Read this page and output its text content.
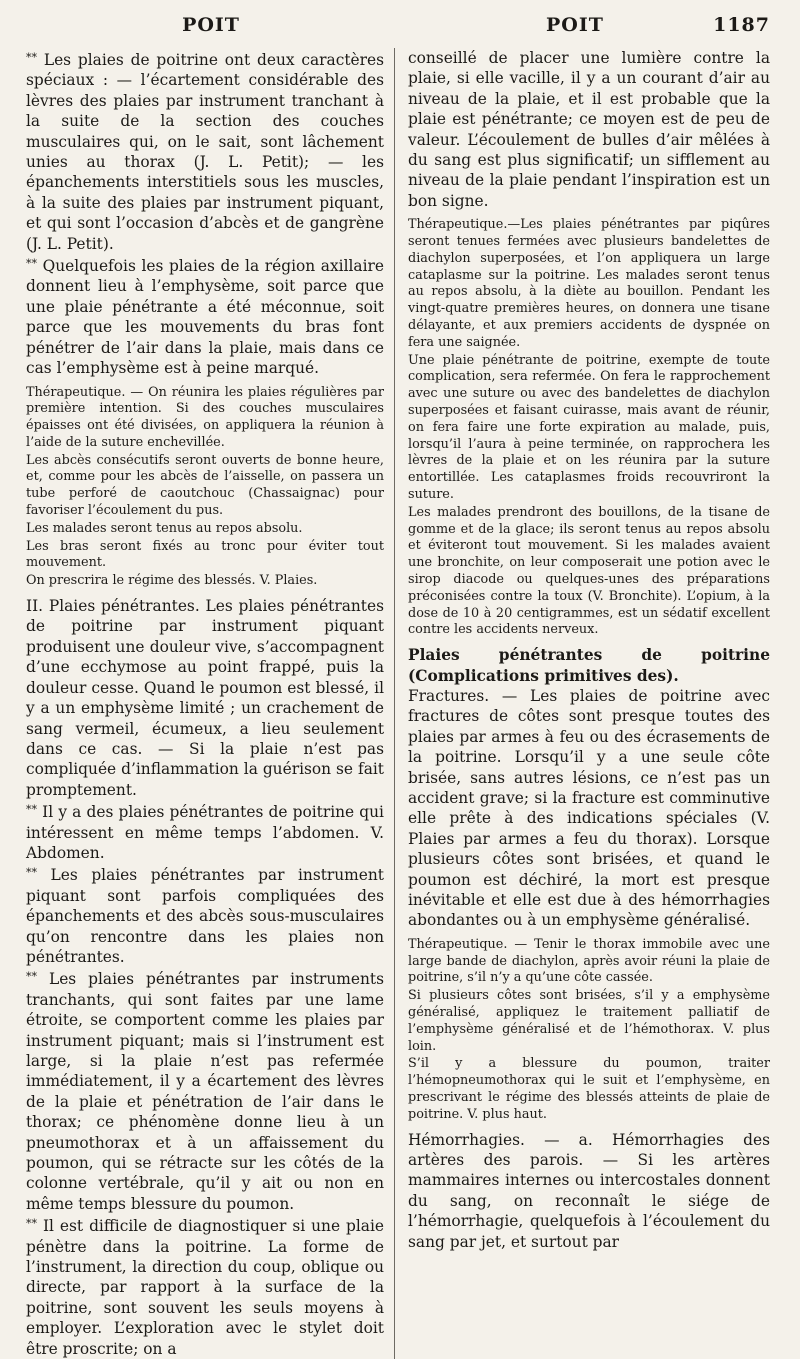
POIT	POIT	1187

** Les plaies de poitrine ont deux caractères spéciaux : — l’écartement considérable des lèvres des plaies par instrument tranchant à la suite de la section des couches musculaires qui, on le sait, sont lâchement unies au thorax (J. L. Petit); — les épanchements interstitiels sous les muscles, à la suite des plaies par instrument piquant, et qui sont l’occasion d’abcès et de gangrène (J. L. Petit).

** Quelquefois les plaies de la région axillaire donnent lieu à l’emphysème, soit parce que une plaie pénétrante a été méconnue, soit parce que les mouvements du bras font pénétrer de l’air dans la plaie, mais dans ce cas l’emphysème est à peine marqué.

Thérapeutique. — On réunira les plaies régulières par première intention. Si des couches musculaires épaisses ont été divisées, on appliquera la réunion à l’aide de la suture enchevillée.

Les abcès consécutifs seront ouverts de bonne heure, et, comme pour les abcès de l’aisselle, on passera un tube perforé de caoutchouc (Chassaignac) pour favoriser l’écoulement du pus.

Les malades seront tenus au repos absolu.

Les bras seront fixés au tronc pour éviter tout mouvement.

On prescrira le régime des blessés. V. Plaies.

II. Plaies pénétrantes. Les plaies pénétrantes de poitrine par instrument piquant produisent une douleur vive, s’accompagnent d’une ecchymose au point frappé, puis la douleur cesse. Quand le poumon est blessé, il y a un emphysème limité ; un crachement de sang vermeil, écumeux, a lieu seulement dans ce cas. — Si la plaie n’est pas compliquée d’inflammation la guérison se fait promptement.

** Il y a des plaies pénétrantes de poitrine qui intéressent en même temps l’abdomen. V. Abdomen.

** Les plaies pénétrantes par instrument piquant sont parfois compliquées des épanchements et des abcès sous-musculaires qu’on rencontre dans les plaies non pénétrantes.

** Les plaies pénétrantes par instruments tranchants, qui sont faites par une lame étroite, se comportent comme les plaies par instrument piquant; mais si l’instrument est large, si la plaie n’est pas refermée immédiatement, il y a écartement des lèvres de la plaie et pénétration de l’air dans le thorax; ce phénomène donne lieu à un pneumothorax et à un affaissement du poumon, qui se rétracte sur les côtés de la colonne vertébrale, qu’il y ait ou non en même temps blessure du poumon.

** Il est difficile de diagnostiquer si une plaie pénètre dans la poitrine. La forme de l’instrument, la direction du coup, oblique ou directe, par rapport à la surface de la poitrine, sont souvent les seuls moyens à employer. L’exploration avec le stylet doit être proscrite; on a

conseillé de placer une lumière contre la plaie, si elle vacille, il y a un courant d’air au niveau de la plaie, et il est probable que la plaie est pénétrante; ce moyen est de peu de valeur. L’écoulement de bulles d’air mêlées à du sang est plus significatif; un sifflement au niveau de la plaie pendant l’inspiration est un bon signe.

Thérapeutique.—Les plaies pénétrantes par piqûres seront tenues fermées avec plusieurs bandelettes de diachylon superposées, et l’on appliquera un large cataplasme sur la poitrine. Les malades seront tenus au repos absolu, à la diète au bouillon. Pendant les vingt-quatre premières heures, on donnera une tisane délayante, et aux premiers accidents de dyspnée on fera une saignée.

Une plaie pénétrante de poitrine, exempte de toute complication, sera refermée. On fera le rapprochement avec une suture ou avec des bandelettes de diachylon superposées et faisant cuirasse, mais avant de réunir, on fera faire une forte expiration au malade, puis, lorsqu’il l’aura à peine terminée, on rapprochera les lèvres de la plaie et on les réunira par la suture entortillée. Les cataplasmes froids recouvriront la suture.

Les malades prendront des bouillons, de la tisane de gomme et de la glace; ils seront tenus au repos absolu et éviteront tout mouvement. Si les malades avaient une bronchite, on leur composerait une potion avec le sirop diacode ou quelques-unes des préparations préconisées contre la toux (V. Bronchite). L’opium, à la dose de 10 à 20 centigrammes, est un sédatif excellent contre les accidents nerveux.

Plaies pénétrantes de poitrine (Complications primitives des).

Fractures. — Les plaies de poitrine avec fractures de côtes sont presque toutes des plaies par armes à feu ou des écrasements de la poitrine. Lorsqu’il y a une seule côte brisée, sans autres lésions, ce n’est pas un accident grave; si la fracture est comminutive elle prête à des indications spéciales (V. Plaies par armes a feu du thorax). Lorsque plusieurs côtes sont brisées, et quand le poumon est déchiré, la mort est presque inévitable et elle est due à des hémorrhagies abondantes ou à un emphysème généralisé.

Thérapeutique. — Tenir le thorax immobile avec une large bande de diachylon, après avoir réuni la plaie de poitrine, s’il n’y a qu’une côte cassée.

Si plusieurs côtes sont brisées, s’il y a emphysème généralisé, appliquez le traitement palliatif de l’emphysème généralisé et de l’hémothorax. V. plus loin.

S’il y a blessure du poumon, traiter l’hémopneumothorax qui le suit et l’emphysème, en prescrivant le régime des blessés atteints de plaie de poitrine. V. plus haut.

Hémorrhagies. — a. Hémorrhagies des artères des parois. — Si les artères mammaires internes ou intercostales donnent du sang, on reconnaît le siége de l’hémorrhagie, quelquefois à l’écoulement du sang par jet, et surtout par
